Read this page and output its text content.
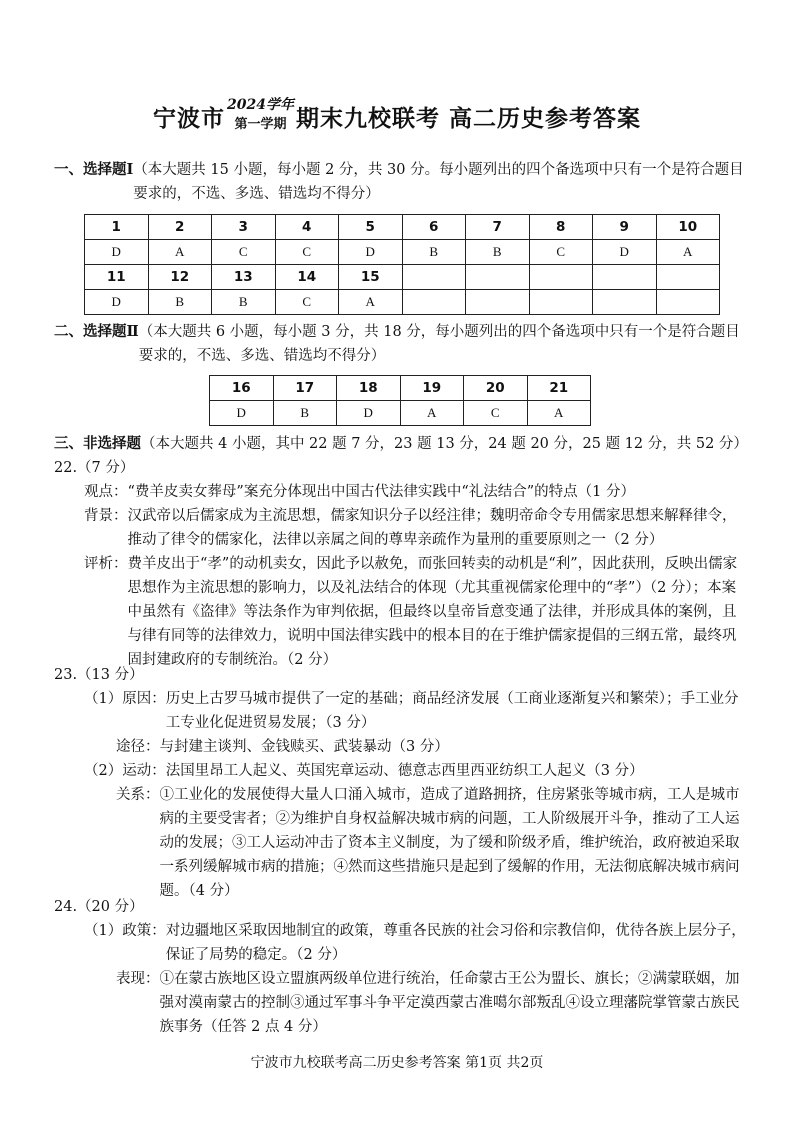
宁波市 2024学年
第一学期 期末九校联考 高二历史参考答案
一、选择题Ⅰ （本大题共 15 小题，每小题 2 分，共 30 分。每小题列出的四个备选项中只有一个是符合题目要求的，不选、多选、错选均不得分）
1	2	3	4	5	6	7	8	9	10
D	A	C	C	D	B	B	C	D	A
11	12	13	14	15					
D	B	B	C	A					
二、选择题Ⅱ （本大题共 6 小题，每小题 3 分，共 18 分，每小题列出的四个备选项中只有一个是符合题目要求的，不选、多选、错选均不得分）
16	17	18	19	20	21
D	B	D	A	C	A
三、非选择题（本大题共 4 小题，其中 22 题 7 分，23 题 13 分，24 题 20 分，25 题 12 分，共 52 分）
22.（7 分）
观点： “费羊皮卖女葬母”案充分体现出中国古代法律实践中“礼法结合”的特点（1 分）
背景： 汉武帝以后儒家成为主流思想，儒家知识分子以经注律；魏明帝命令专用儒家思想来解释律令，推动了律令的儒家化，法律以亲属之间的尊卑亲疏作为量刑的重要原则之一（2 分）
评析： 费羊皮出于“孝”的动机卖女，因此予以赦免，而张回转卖的动机是“利”，因此获刑，反映出儒家思想作为主流思想的影响力，以及礼法结合的体现（尤其重视儒家伦理中的“孝”）（2 分）；本案中虽然有《盗律》等法条作为审判依据，但最终以皇帝旨意变通了法律，并形成具体的案例，且与律有同等的法律效力，说明中国法律实践中的根本目的在于维护儒家提倡的三纲五常，最终巩固封建政府的专制统治。（2 分）
23.（13 分）
（1）原因： 历史上古罗马城市提供了一定的基础；商品经济发展（工商业逐渐复兴和繁荣）；手工业分工专业化促进贸易发展；（3 分）
途径： 与封建主谈判、金钱赎买、武装暴动（3 分）
（2）运动： 法国里昂工人起义、英国宪章运动、德意志西里西亚纺织工人起义（3 分）
关系： ①工业化的发展使得大量人口涌入城市，造成了道路拥挤，住房紧张等城市病，工人是城市病的主要受害者；②为维护自身权益解决城市病的问题，工人阶级展开斗争，推动了工人运动的发展；③工人运动冲击了资本主义制度，为了缓和阶级矛盾，维护统治，政府被迫采取一系列缓解城市病的措施；④然而这些措施只是起到了缓解的作用，无法彻底解决城市病问题。（4 分）
24.（20 分）
（1）政策： 对边疆地区采取因地制宜的政策，尊重各民族的社会习俗和宗教信仰，优待各族上层分子，保证了局势的稳定。（2 分）
表现： ①在蒙古族地区设立盟旗两级单位进行统治，任命蒙古王公为盟长、旗长；②满蒙联姻，加强对漠南蒙古的控制③通过军事斗争平定漠西蒙古准噶尔部叛乱④设立理藩院掌管蒙古族民族事务（任答 2 点 4 分）
宁波市九校联考高二历史参考答案 第1页 共2页
